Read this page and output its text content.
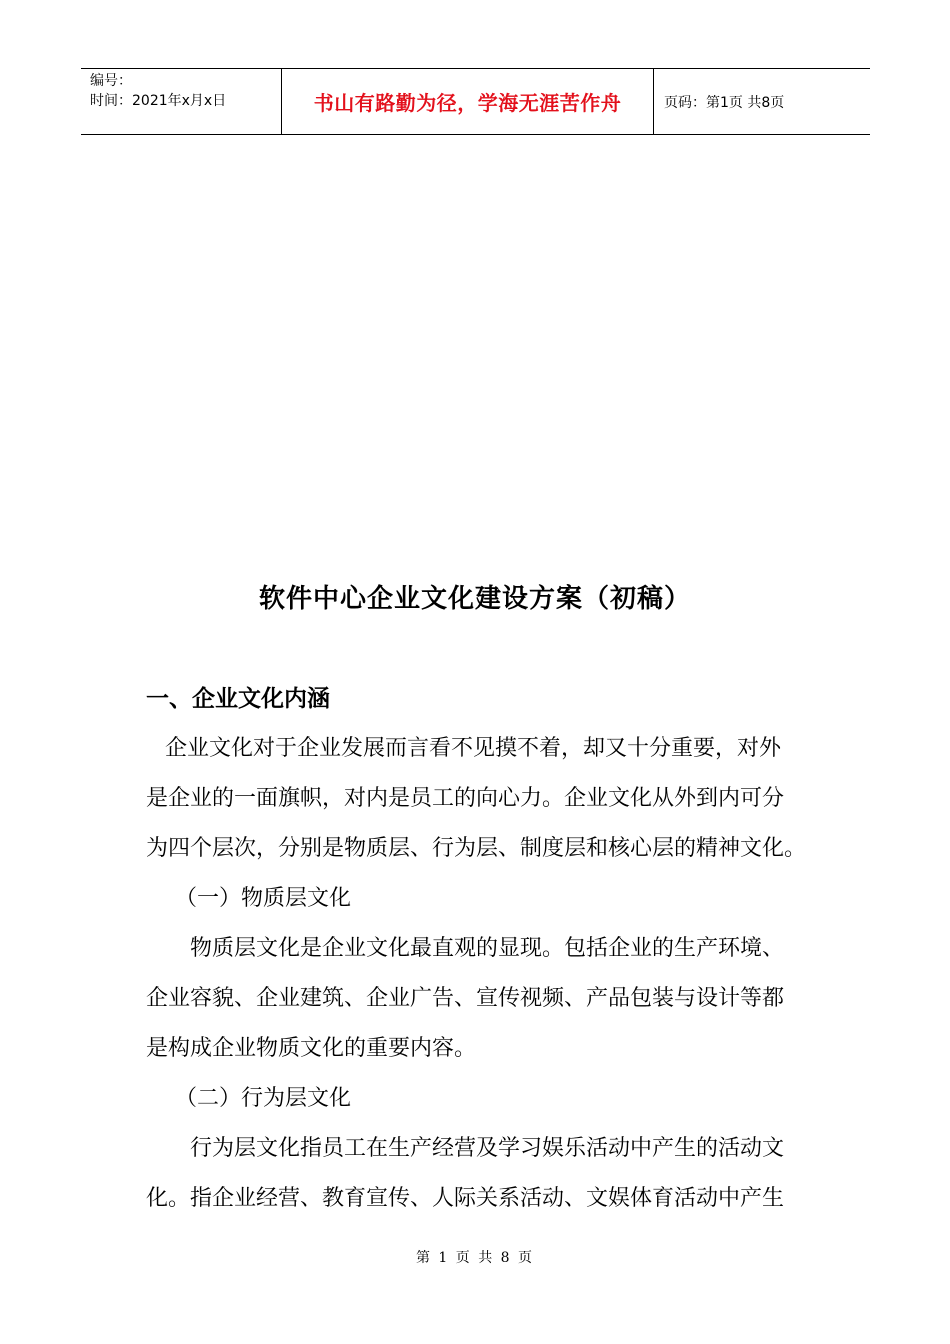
编号：
时间：2021年x月x日	书山有路勤为径，学海无涯苦作舟	页码：第1页 共8页
软件中心企业文化建设方案（初稿）
一、企业文化内涵
企业文化对于企业发展而言看不见摸不着，却又十分重要，对外
是企业的一面旗帜，对内是员工的向心力。企业文化从外到内可分
为四个层次，分别是物质层、行为层、制度层和核心层的精神文化。
（一）物质层文化
物质层文化是企业文化最直观的显现。包括企业的生产环境、
企业容貌、企业建筑、企业广告、宣传视频、产品包装与设计等都
是构成企业物质文化的重要内容。
（二）行为层文化
行为层文化指员工在生产经营及学习娱乐活动中产生的活动文
化。指企业经营、教育宣传、人际关系活动、文娱体育活动中产生
第 1 页 共 8 页
